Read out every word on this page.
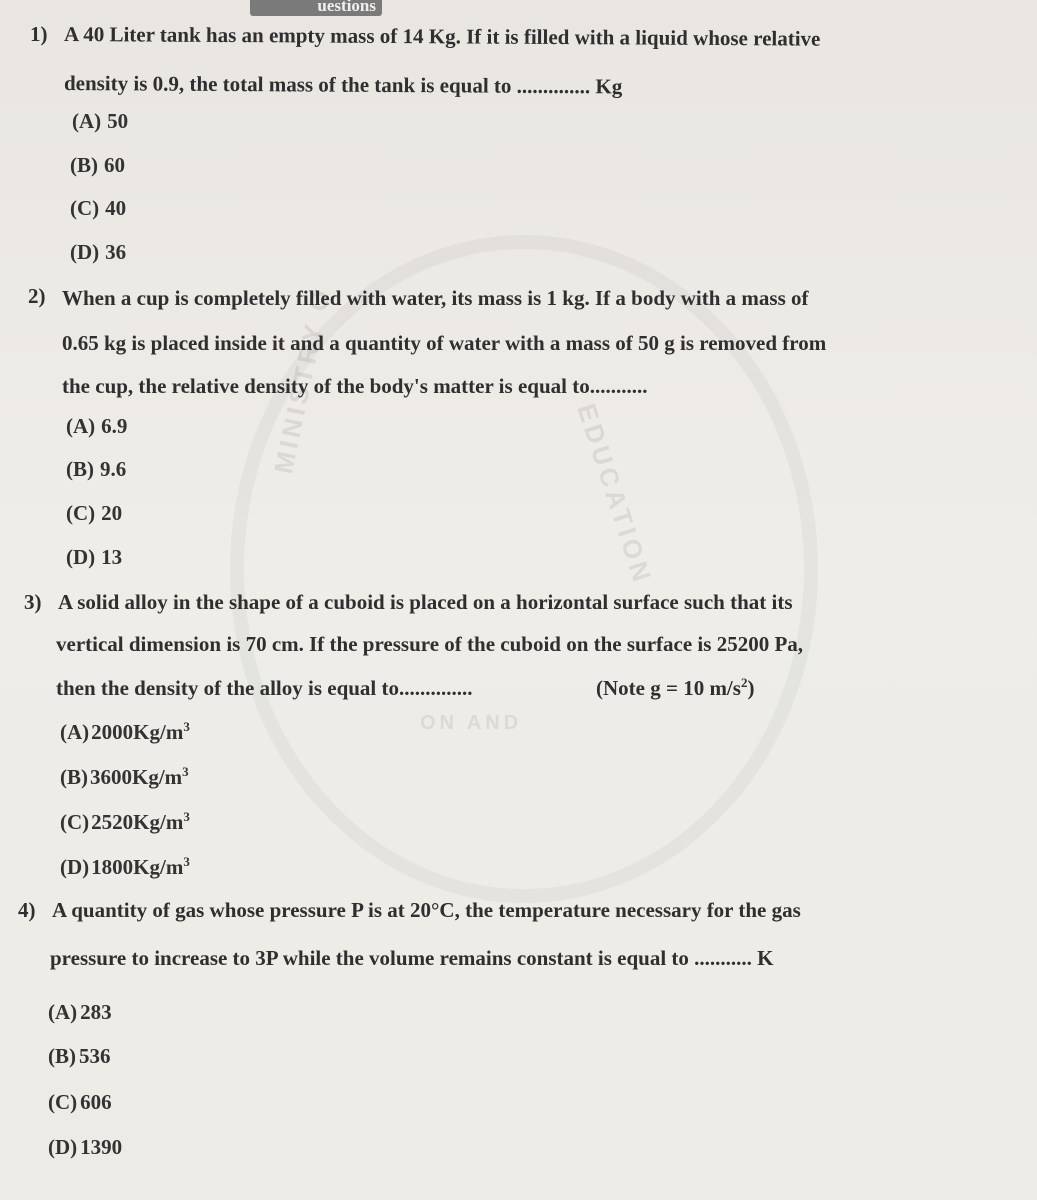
uestions
MINISTRY O
EDUCATION
ON AND
1) A 40 Liter tank has an empty mass of 14 Kg. If it is filled with a liquid whose relative
density is 0.9, the total mass of the tank is equal to .............. Kg
(A) 50
(B) 60
(C) 40
(D) 36
2) When a cup is completely filled with water, its mass is 1 kg. If a body with a mass of
0.65 kg is placed inside it and a quantity of water with a mass of 50 g is removed from
the cup, the relative density of the body's matter is equal to...........
(A) 6.9
(B) 9.6
(C) 20
(D) 13
3) A solid alloy in the shape of a cuboid is placed on a horizontal surface such that its
vertical dimension is 70 cm. If the pressure of the cuboid on the surface is 25200 Pa,
then the density of the alloy is equal to..............	(Note g = 10 $m/s^2$)
$(A)2000Kg/m^3$
$(B)3600Kg/m^3$
$(C)2520Kg/m^3$
$(D)1800Kg/m^3$
4) A quantity of gas whose pressure P is at 20°C, the temperature necessary for the gas
pressure to increase to 3P while the volume remains constant is equal to ........... K
(A) 283
(B) 536
(C) 606
(D) 1390
